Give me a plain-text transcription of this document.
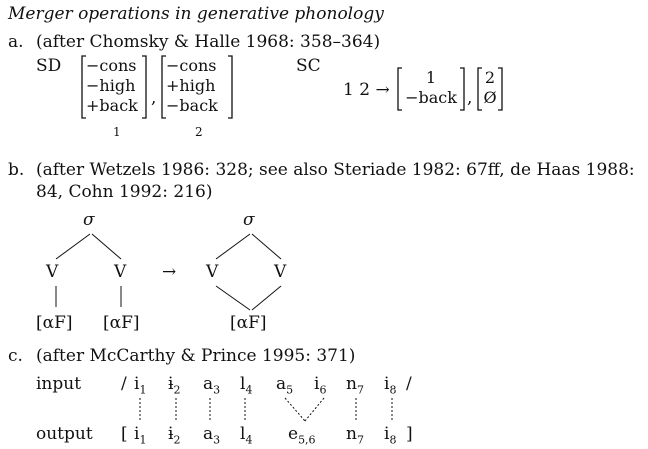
Merger operations in generative phonology
a. (after Chomsky & Halle 1968: 358–364)
SD −cons
−high
+back
1
,
−cons
+high
−back
2
SC
1 2 →
1
−back ,
2
Ø
b. (after Wetzels 1986: 328; see also Steriade 1982: 67ff, de Haas 1988:
84, Cohn 1992: 216)
σ
V	V
[αF] [αF]
→
σ
V	V
[αF]
c. (after McCarthy & Prince 1995: 371)
input / $i_1$ ɨ$_2$ $a_3$ $l_4$ $a_5$ $i_6$ $n_7$ $i_8$ /
output [ $i_1$ ɨ$_2$ $a_3$ $l_4$ $e_{5,6}$ $n_7$ $i_8$ ]
